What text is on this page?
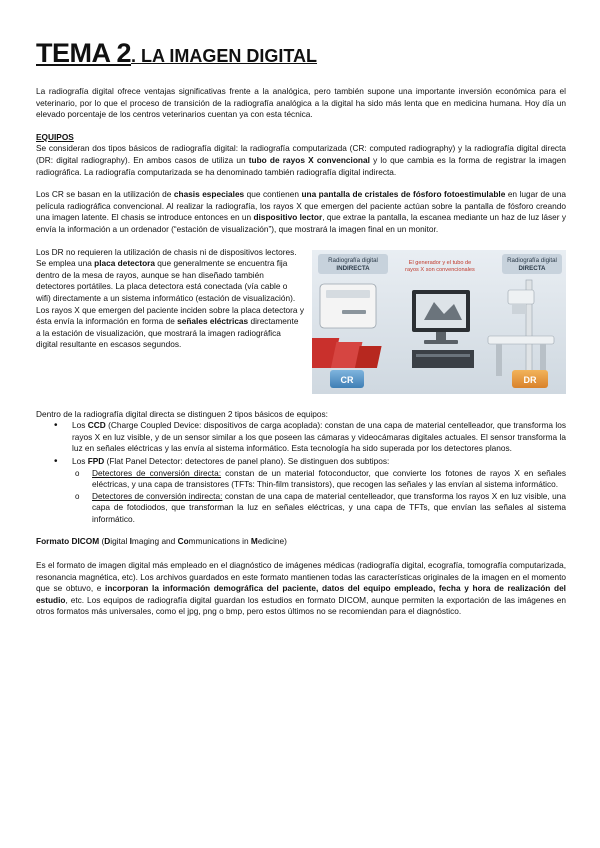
TEMA 2. LA IMAGEN DIGITAL

La radiografía digital ofrece ventajas significativas frente a la analógica, pero también supone una importante inversión económica para el veterinario, por lo que el proceso de transición de la radiografía analógica a la digital ha sido más lenta que en medicina humana. Hoy día un elevado porcentaje de los centros veterinarios cuentan ya con esta técnica.

EQUIPOS

Se consideran dos tipos básicos de radiografía digital: la radiografía computarizada (CR: computed radiography) y la radiografía digital directa (DR: digital radiography). En ambos casos de utiliza un tubo de rayos X convencional y lo que cambia es la forma de registrar la imagen radiográfica. La radiografía computarizada se ha denominado también radiografía digital indirecta.

Los CR se basan en la utilización de chasis especiales que contienen una pantalla de cristales de fósforo fotoestimulable en lugar de una película radiográfica convencional. Al realizar la radiografía, los rayos X que emergen del paciente actúan sobre la pantalla de fósforo creando una imagen latente. El chasis se introduce entonces en un dispositivo lector, que extrae la pantalla, la escanea mediante un haz de luz láser y envía la información a un ordenador (“estación de visualización”), que mostrará la imagen final en un monitor.

Los DR no requieren la utilización de chasis ni de dispositivos lectores. Se emplea una placa detectora que generalmente se encuentra fija dentro de la mesa de rayos, aunque se han diseñado también detectores portátiles. La placa detectora está conectada (vía cable o wifi) directamente a un sistema informático (estación de visualización). Los rayos X que emergen del paciente inciden sobre la placa detectora y ésta envía la información en forma de señales eléctricas directamente a la estación de visualización, que mostrará la imagen radiográfica digital resultante en escasos segundos.
Radiografía digital
INDIRECTA
El generador y el tubo de
rayos X son convencionales
Radiografía digital
DIRECTA
CR	DR
Dentro de la radiografía digital directa se distinguen 2 tipos básicos de equipos:
• Los CCD (Charge Coupled Device: dispositivos de carga acoplada): constan de una capa de material centelleador, que transforma los rayos X en luz visible, y de un sensor similar a los que poseen las cámaras y videocámaras digitales actuales. El sensor transforma la luz en señales eléctricas y las envía al sistema informático. Esta tecnología ha sido superada por los detectores planos.
• Los FPD (Flat Panel Detector: detectores de panel plano). Se distinguen dos subtipos:
o Detectores de conversión directa: constan de un material fotoconductor, que convierte los fotones de rayos X en señales eléctricas, y una capa de transistores (TFTs: Thin-film transistors), que recogen las señales y las envían al sistema informático.
o Detectores de conversión indirecta: constan de una capa de material centelleador, que transforma los rayos X en luz visible, una capa de fotodiodos, que transforman la luz en señales eléctricas, y una capa de TFTs, que envían las señales al sistema informático.

Formato DICOM (Digital Imaging and Communications in Medicine)

Es el formato de imagen digital más empleado en el diagnóstico de imágenes médicas (radiografía digital, ecografía, tomografía computarizada, resonancia magnética, etc). Los archivos guardados en este formato mantienen todas las características originales de la imagen en el momento que se obtuvo, e incorporan la información demográfica del paciente, datos del equipo empleado, fecha y hora de realización del estudio, etc. Los equipos de radiografía digital guardan los estudios en formato DICOM, aunque permiten la exportación de las imágenes en otros formatos más universales, como el jpg, png o bmp, pero estos últimos no se recomiendan para el diagnóstico.
